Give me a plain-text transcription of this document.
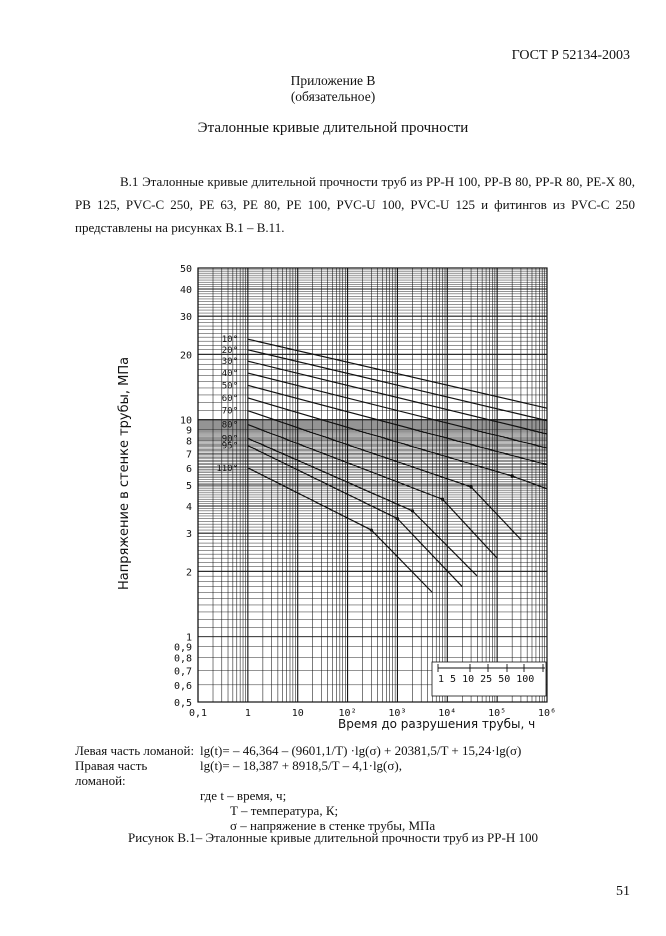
ГОСТ Р 52134-2003
Приложение В
(обязательное)
Эталонные кривые длительной прочности
В.1 Эталонные кривые длительной прочности труб из PP-H 100, PP-B 80, PP-R 80, PE-X 80, PB 125, PVC-C 250, PE 63, PE 80, PE 100, PVC-U 100, PVC-U 125 и фитингов из PVC-C 250 представлены на рисунках В.1 – В.11.
50
40
30
20
10
9
8
7
6
5
4
3
2
1
0,9
0,8
0,7
0,6
0,5
0,1	1	10	10²	10³	10⁴	10⁵	10⁶
10°
20°
30°
40°
50°
60°
70°
80°
90°
95°
110°
1 5 10 25 50 100
Время до разрушения трубы, ч
Напряжение в стенке трубы, МПа
Левая часть ломаной: lg(t)= – 46,364 – (9601,1/T) ·lg(σ) + 20381,5/T + 15,24·lg(σ)
Правая часть ломаной:
lg(t)= – 18,387 + 8918,5/T – 4,1·lg(σ),
где t – время, ч;
T – температура, К;
σ – напряжение в стенке трубы, МПа
Рисунок В.1– Эталонные кривые длительной прочности труб из PP-H 100
51
